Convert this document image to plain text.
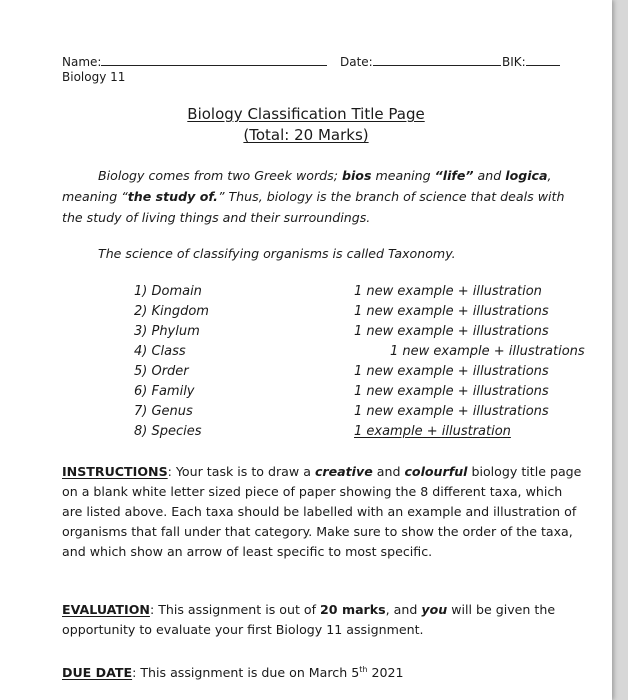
Name:	Date:	BIK:
Biology 11
Biology Classification Title Page
(Total: 20 Marks)
Biology comes from two Greek words; bios meaning “life” and logica, meaning “the study of.” Thus, biology is the branch of science that deals with the study of living things and their surroundings.
The science of classifying organisms is called Taxonomy.
1) Domain	1 new example + illustration
2) Kingdom	1 new example + illustrations
3) Phylum	1 new example + illustrations
4) Class	1 new example + illustrations
5) Order	1 new example + illustrations
6) Family	1 new example + illustrations
7) Genus	1 new example + illustrations
8) Species	1 example + illustration
INSTRUCTIONS: Your task is to draw a creative and colourful biology title page on a blank white letter sized piece of paper showing the 8 different taxa, which are listed above. Each taxa should be labelled with an example and illustration of organisms that fall under that category. Make sure to show the order of the taxa, and which show an arrow of least specific to most specific.
EVALUATION: This assignment is out of 20 marks, and you will be given the opportunity to evaluate your first Biology 11 assignment.
DUE DATE: This assignment is due on March 5th 2021
